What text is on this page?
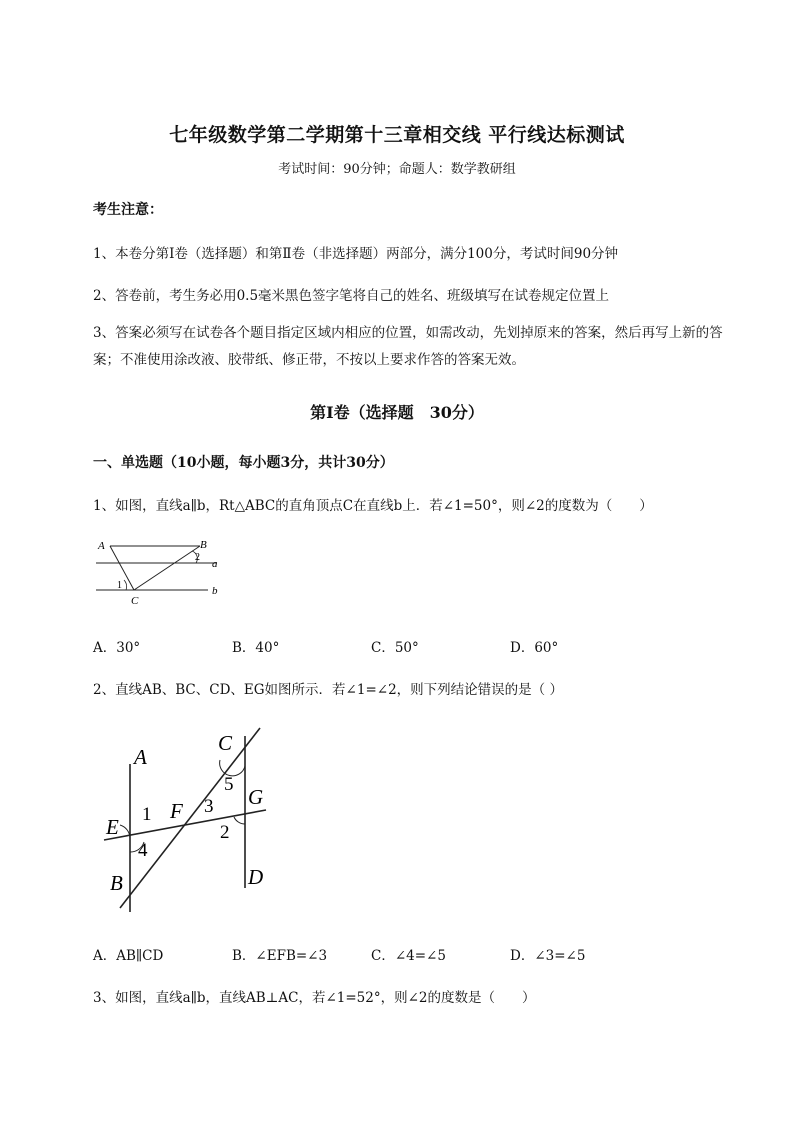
七年级数学第二学期第十三章相交线 平行线达标测试
考试时间：90分钟；命题人：数学教研组
考生注意：
1、本卷分第Ⅰ卷（选择题）和第Ⅱ卷（非选择题）两部分，满分100分，考试时间90分钟
2、答卷前，考生务必用0.5毫米黑色签字笔将自己的姓名、班级填写在试卷规定位置上
3、答案必须写在试卷各个题目指定区域内相应的位置，如需改动，先划掉原来的答案，然后再写上新的答案；不准使用涂改液、胶带纸、修正带，不按以上要求作答的答案无效。
第Ⅰ卷（选择题　30分）
一、单选题（10小题，每小题3分，共计30分）
1、如图，直线a∥b，Rt△ABC的直角顶点C在直线b上．若∠1=50°，则∠2的度数为（　　）
A	B
C
a
b
1
2
A．30°	B．40°	C．50°	D．60°
2、直线AB、BC、CD、EG如图所示．若∠1=∠2，则下列结论错误的是（ ）
A
B
C
D
E
F
G
1
2
3
4
5
A．AB∥CD	B．∠EFB=∠3	C．∠4=∠5	D．∠3=∠5
3、如图，直线a∥b，直线AB⊥AC，若∠1=52°，则∠2的度数是（　　）
